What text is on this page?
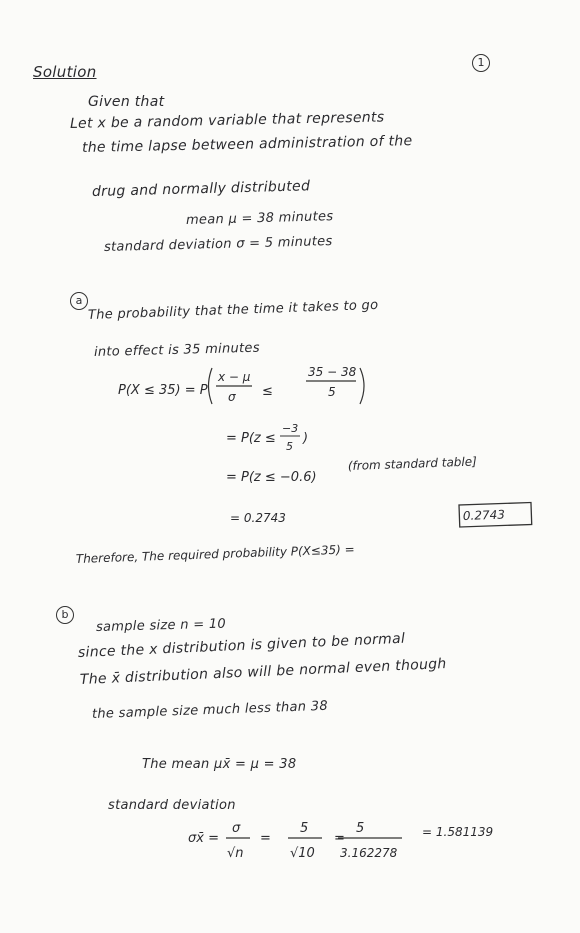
1
Solution
Given that
Let x be a random variable that represents
the time lapse between administration of the
drug and normally distributed
mean μ = 38 minutes
standard deviation σ = 5 minutes
a The probability that the time it takes to go
into effect is 35 minutes
P(X ≤ 35) = P
x − μ
σ ≤
35 − 38
5
= P(z ≤
−3
5
)
= P(z ≤ −0.6)
(from standard table]
= 0.2743
Therefore, The required probability P(X≤35) =
0.2743
σx̄ =
σ
√n
=
5
√10
=
5
3.162278
= 1.581139
b
sample size n = 10
since the x distribution is given to be normal
The x̄ distribution also will be normal even though
the sample size much less than 38
The mean μx̄ = μ = 38
standard deviation
